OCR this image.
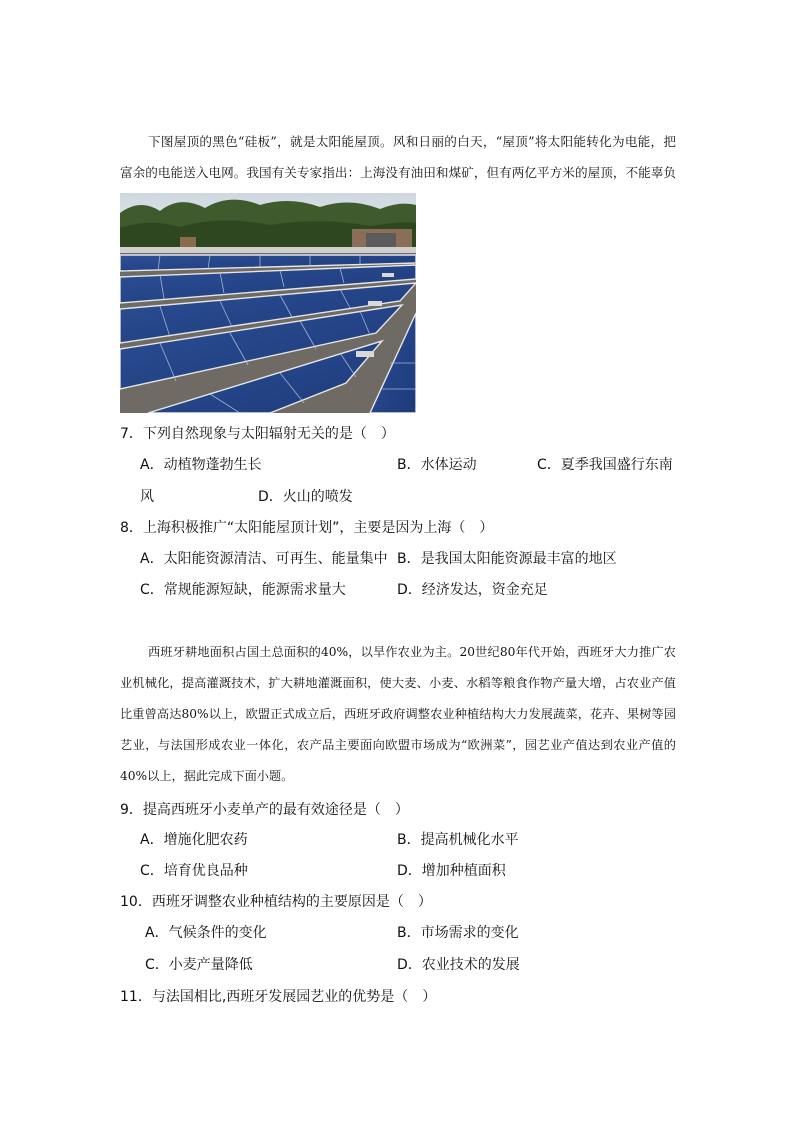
下图屋顶的黑色“硅板”，就是太阳能屋顶。风和日丽的白天，“屋顶”将太阳能转化为电能，把富余的电能送入电网。我国有关专家指出：上海没有油田和煤矿，但有两亿平方米的屋顶，不能辜负

7．下列自然现象与太阳辐射无关的是（　）
A．动植物蓬勃生长	B．水体运动	C．夏季我国盛行东南
风	D．火山的喷发
8．上海积极推广“太阳能屋顶计划”，主要是因为上海（　）
A．太阳能资源清洁、可再生、能量集中 B．是我国太阳能资源最丰富的地区
C．常规能源短缺，能源需求量大	D．经济发达，资金充足

西班牙耕地面积占国土总面积的40%，以旱作农业为主。20世纪80年代开始，西班牙大力推广农业机械化，提高灌溉技术，扩大耕地灌溉面积，使大麦、小麦、水稻等粮食作物产量大增，占农业产值比重曾高达80%以上，欧盟正式成立后，西班牙政府调整农业种植结构大力发展蔬菜，花卉、果树等园艺业，与法国形成农业一体化，农产品主要面向欧盟市场成为“欧洲菜”，园艺业产值达到农业产值的40%以上，据此完成下面小题。

9．提高西班牙小麦单产的最有效途径是（　）
A．增施化肥农药	B．提高机械化水平
C．培育优良品种	D．增加种植面积
10．西班牙调整农业种植结构的主要原因是（　）
A．气候条件的变化	B．市场需求的变化
C．小麦产量降低	D．农业技术的发展
11．与法国相比,西班牙发展园艺业的优势是（　）
